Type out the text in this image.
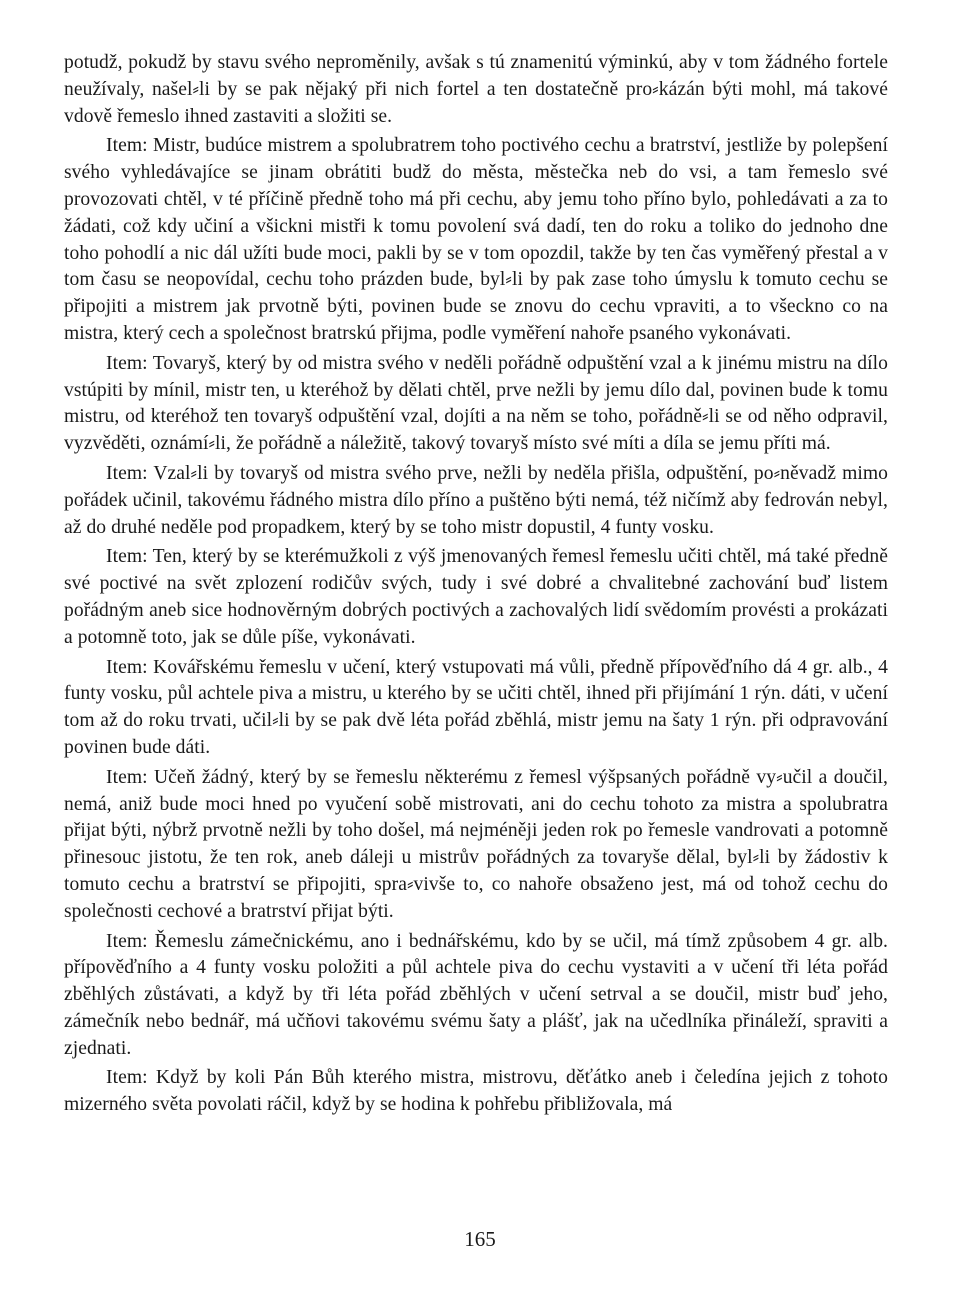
potudž, pokudž by stavu svého neproměnily, avšak s tú znamenitú výminkú, aby v tom žádného fortele neužívaly, našel⸗li by se pak nějaký při nich fortel a ten dostatečně pro⸗kázán býti mohl, má takové vdově řemeslo ihned zastaviti a složiti se.

Item: Mistr, budúce mistrem a spolubratrem toho poctivého cechu a bratrství, jestliže by polepšení svého vyhledávajíce se jinam obrátiti budž do města, městečka neb do vsi, a tam řemeslo své provozovati chtěl, v té příčině předně toho má při cechu, aby jemu toho příno bylo, pohledávati a za to žádati, což kdy učiní a všickni mistři k tomu povolení svá dadí, ten do roku a toliko do jednoho dne toho pohodlí a nic dál užíti bude moci, pakli by se v tom opozdil, takže by ten čas vyměřený přestal a v tom času se neopovídal, cechu toho prázden bude, byl⸗li by pak zase toho úmyslu k tomuto cechu se připojiti a mistrem jak prvotně býti, povinen bude se znovu do cechu vpraviti, a to všeckno co na mistra, který cech a společnost bratrskú přijma, podle vyměření nahoře psaného vykonávati.

Item: Tovaryš, který by od mistra svého v neděli pořádně odpuštění vzal a k jinému mistru na dílo vstúpiti by mínil, mistr ten, u kteréhož by dělati chtěl, prve nežli by jemu dílo dal, povinen bude k tomu mistru, od kteréhož ten tovaryš odpuštění vzal, dojíti a na něm se toho, pořádně⸗li se od něho odpravil, vyzvěděti, oznámí⸗li, že pořádně a náležitě, takový tovaryš místo své míti a díla se jemu příti má.

Item: Vzal⸗li by tovaryš od mistra svého prve, nežli by neděla přišla, odpuštění, po⸗něvadž mimo pořádek učinil, takovému řádného mistra dílo příno a puštěno býti nemá, též ničímž aby fedrován nebyl, až do druhé neděle pod propadkem, který by se toho mistr dopustil, 4 funty vosku.

Item: Ten, který by se kterémužkoli z výš jmenovaných řemesl řemeslu učiti chtěl, má také předně své poctivé na svět zplození rodičův svých, tudy i své dobré a chvalitebné zachování buď listem pořádným aneb sice hodnověrným dobrých poctivých a zachovalých lidí svědomím provésti a prokázati a potomně toto, jak se důle píše, vykonávati.

Item: Kovářskému řemeslu v učení, který vstupovati má vůli, předně přípověďního dá 4 gr. alb., 4 funty vosku, půl achtele piva a mistru, u kterého by se učiti chtěl, ihned při přijímání 1 rýn. dáti, v učení tom až do roku trvati, učil⸗li by se pak dvě léta pořád zběhlá, mistr jemu na šaty 1 rýn. při odpravování povinen bude dáti.

Item: Učeň žádný, který by se řemeslu některému z řemesl výšpsaných pořádně vy⸗učil a doučil, nemá, aniž bude moci hned po vyučení sobě mistrovati, ani do cechu tohoto za mistra a spolubratra přijat býti, nýbrž prvotně nežli by toho došel, má nejméněji jeden rok po řemesle vandrovati a potomně přinesouc jistotu, že ten rok, aneb dáleji u mistrův pořádných za tovaryše dělal, byl⸗li by žádostiv k tomuto cechu a bratrství se připojiti, spra⸗vivše to, co nahoře obsaženo jest, má od tohož cechu do společnosti cechové a bratrství přijat býti.

Item: Řemeslu zámečnickému, ano i bednářskému, kdo by se učil, má tímž způsobem 4 gr. alb. přípověďního a 4 funty vosku položiti a půl achtele piva do cechu vystaviti a v učení tři léta pořád zběhlých zůstávati, a když by tři léta pořád zběhlých v učení setrval a se doučil, mistr buď jeho, zámečník nebo bednář, má učňovi takovému svému šaty a plášť, jak na učedlníka přináleží, spraviti a zjednati.

Item: Když by koli Pán Bůh kterého mistra, mistrovu, děťátko aneb i čeledína jejich z tohoto mizerného světa povolati ráčil, když by se hodina k pohřebu přibližovala, má

165
